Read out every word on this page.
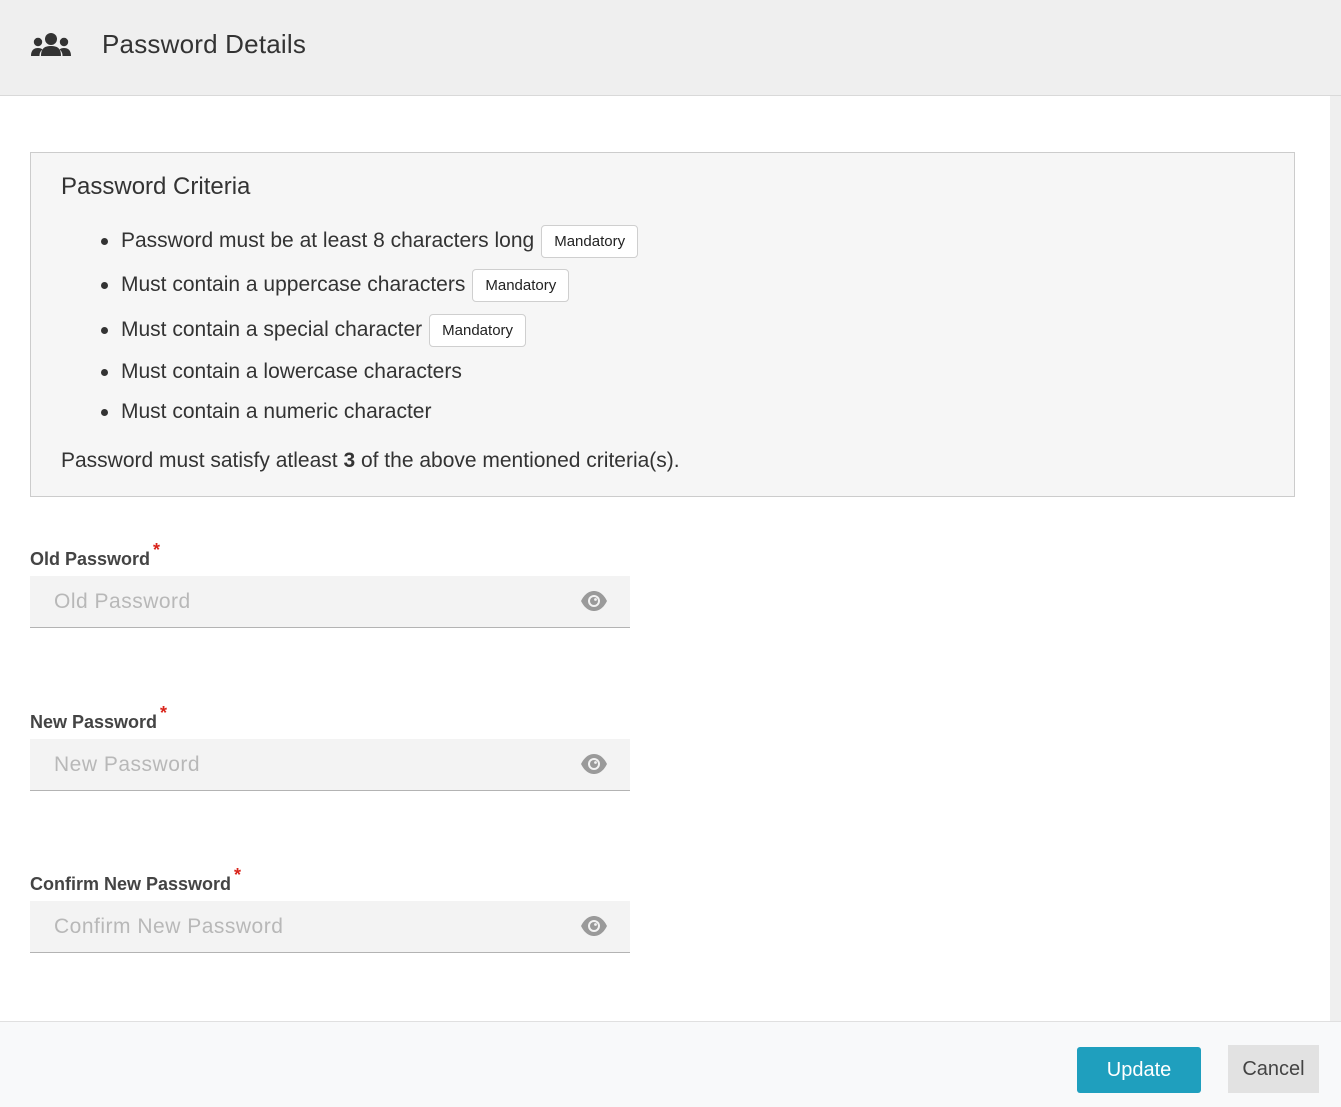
Password Details
Password Criteria
Password must be at least 8 characters long	Mandatory
Must contain a uppercase characters	Mandatory
Must contain a special character	Mandatory
Must contain a lowercase characters
Must contain a numeric character
Password must satisfy atleast 3 of the above mentioned criteria(s).
Old Password *
New Password *
Confirm New Password *
Update	Cancel
